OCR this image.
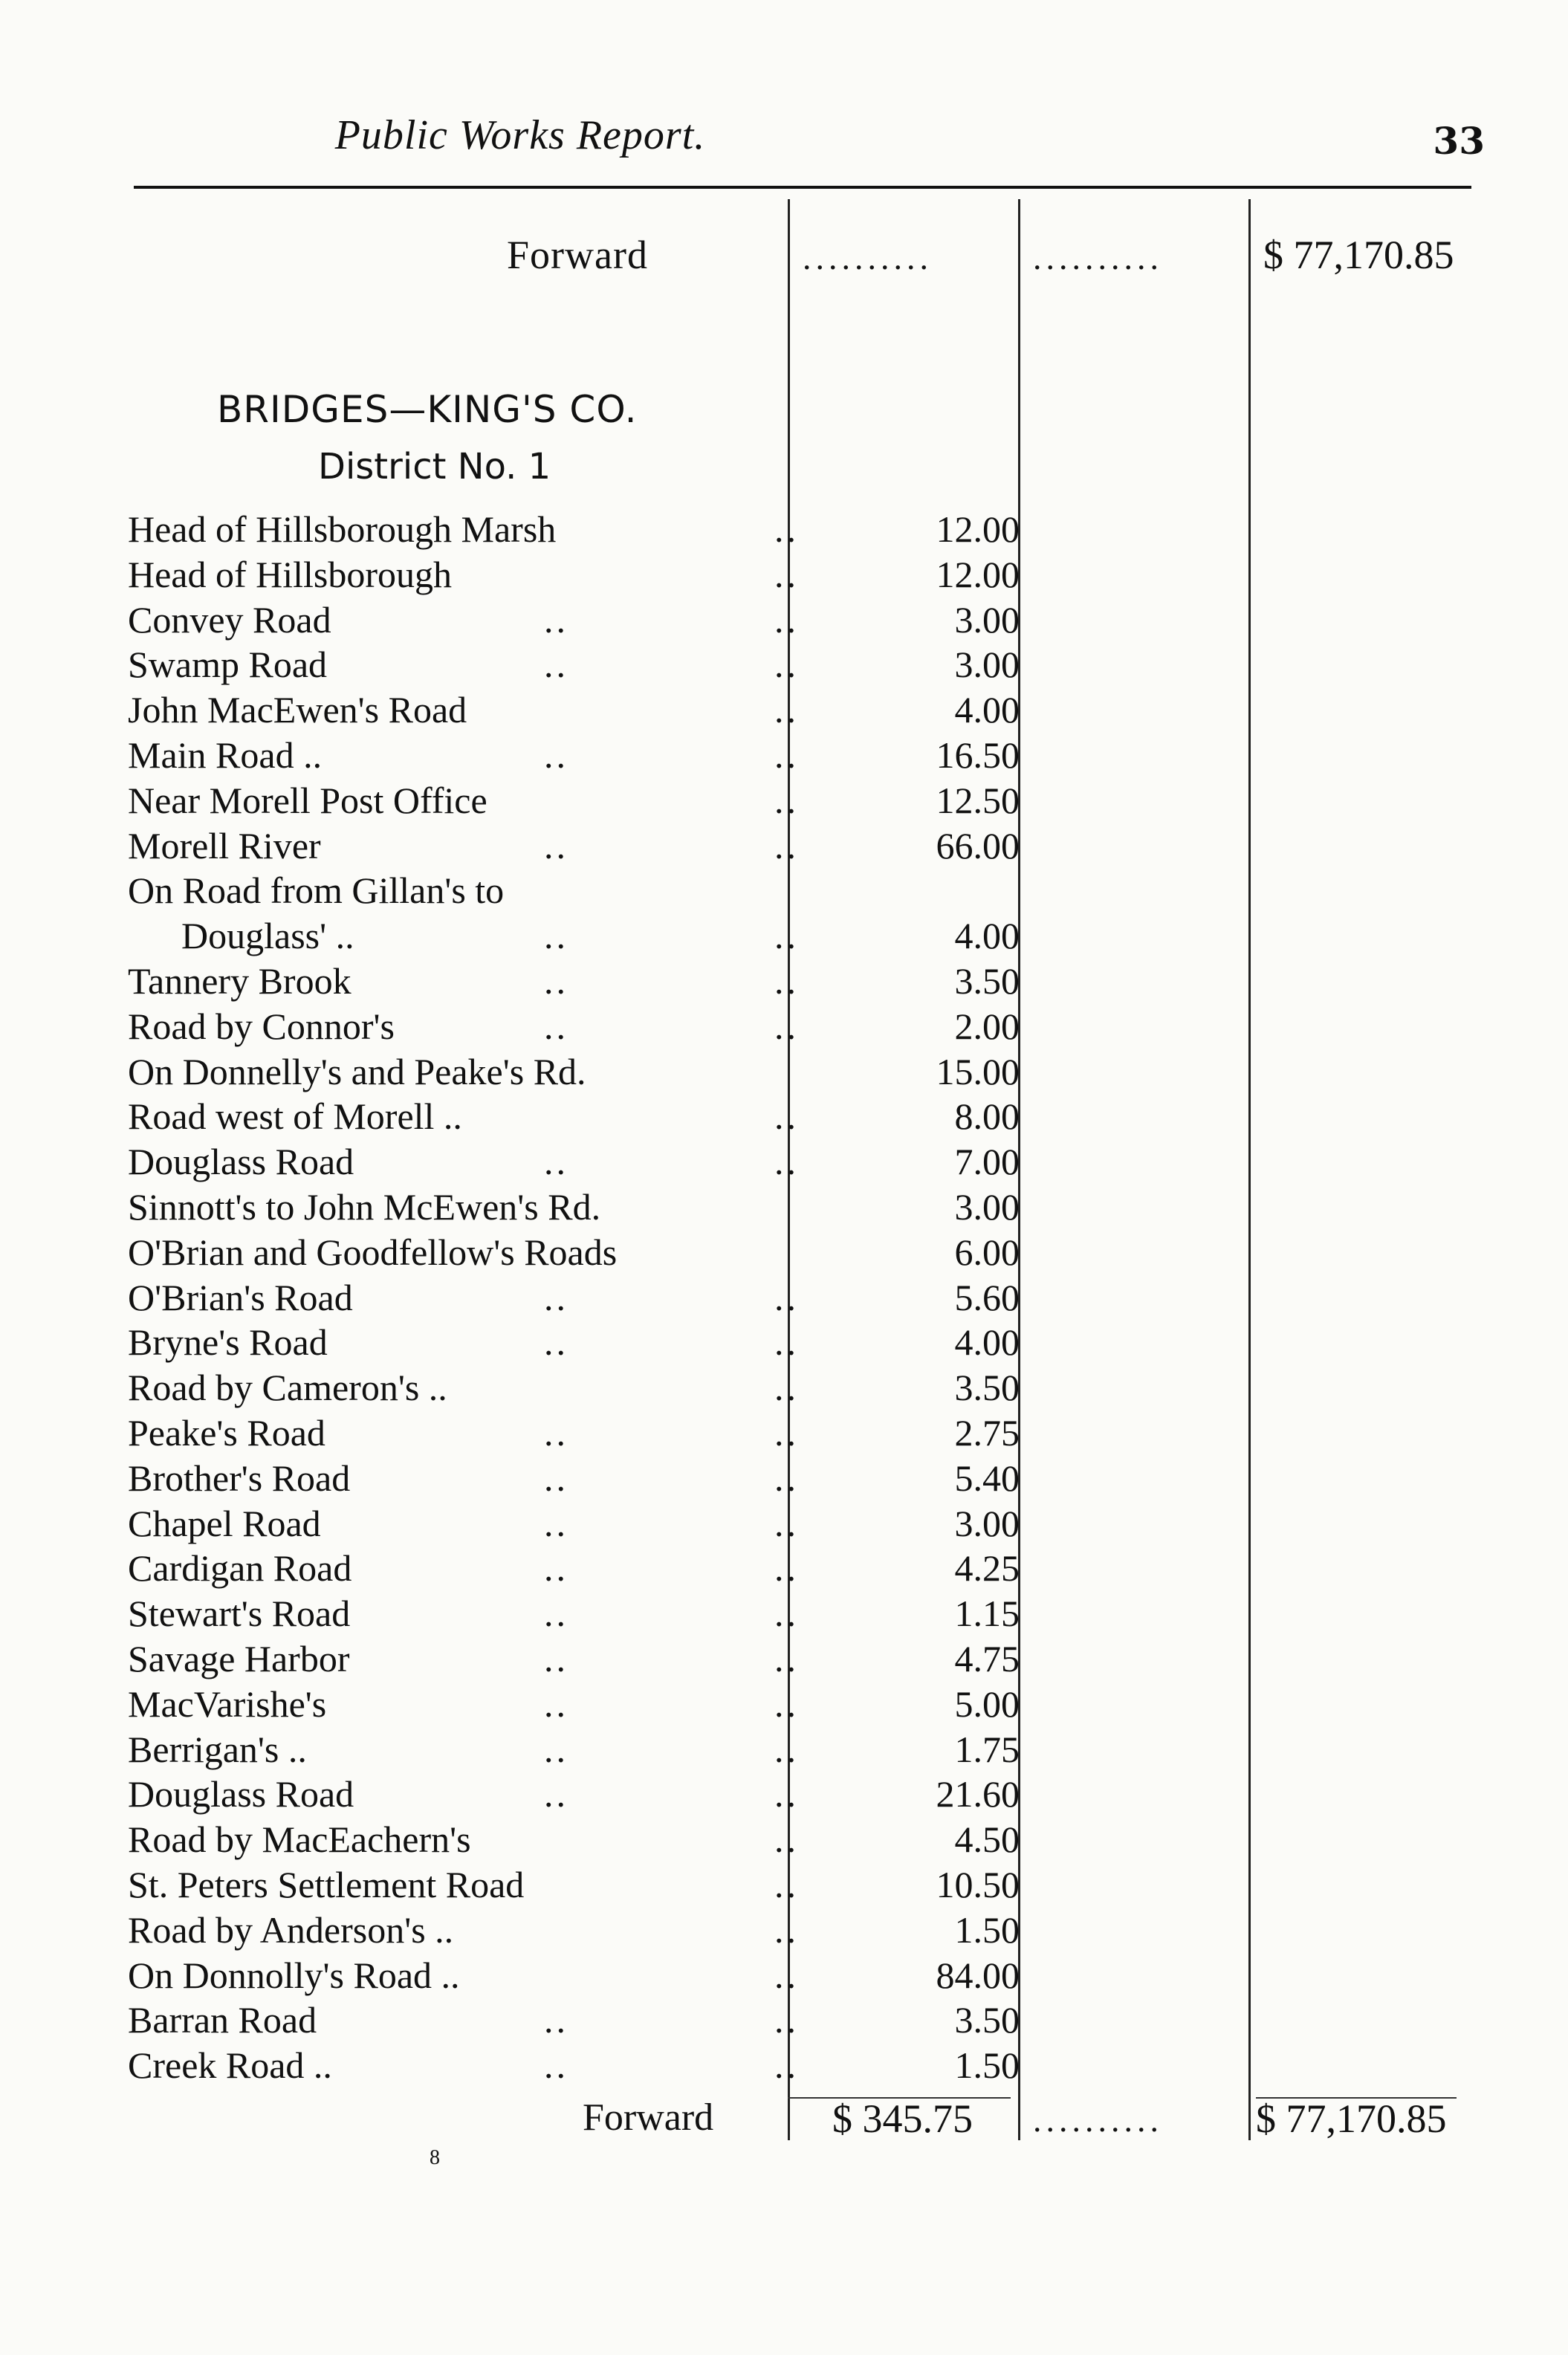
Public Works Report.	33
Forward	..........	..........	$ 77,170.85
BRIDGES—KING'S CO.
District No. 1
Head of Hillsborough Marsh	..	12.00
Head of Hillsborough	..	12.00
Convey Road	..	..	3.00
Swamp Road	..	..	3.00
John MacEwen's Road	..	4.00
Main Road ..	..	..	16.50
Near Morell Post Office	..	12.50
Morell River	..	..	66.00
On Road from Gillan's to
Douglass' ..	..	..	4.00
Tannery Brook	..	..	3.50
Road by Connor's	..	..	2.00
On Donnelly's and Peake's Rd.	15.00
Road west of Morell ..	..	8.00
Douglass Road	..	..	7.00
Sinnott's to John McEwen's Rd.	3.00
O'Brian and Goodfellow's Roads	6.00
O'Brian's Road	..	..	5.60
Bryne's Road	..	..	4.00
Road by Cameron's ..	..	3.50
Peake's Road	..	..	2.75
Brother's Road	..	..	5.40
Chapel Road	..	..	3.00
Cardigan Road	..	..	4.25
Stewart's Road	..	..	1.15
Savage Harbor	..	..	4.75
MacVarishe's	..	..	5.00
Berrigan's ..	..	..	1.75
Douglass Road	..	..	21.60
Road by MacEachern's	..	4.50
St. Peters Settlement Road	..	10.50
Road by Anderson's ..	..	1.50
On Donnolly's Road ..	..	84.00
Barran Road	..	..	3.50
Creek Road ..	..	..	1.50
Forward	$ 345.75 ..........	$ 77,170.85
8
